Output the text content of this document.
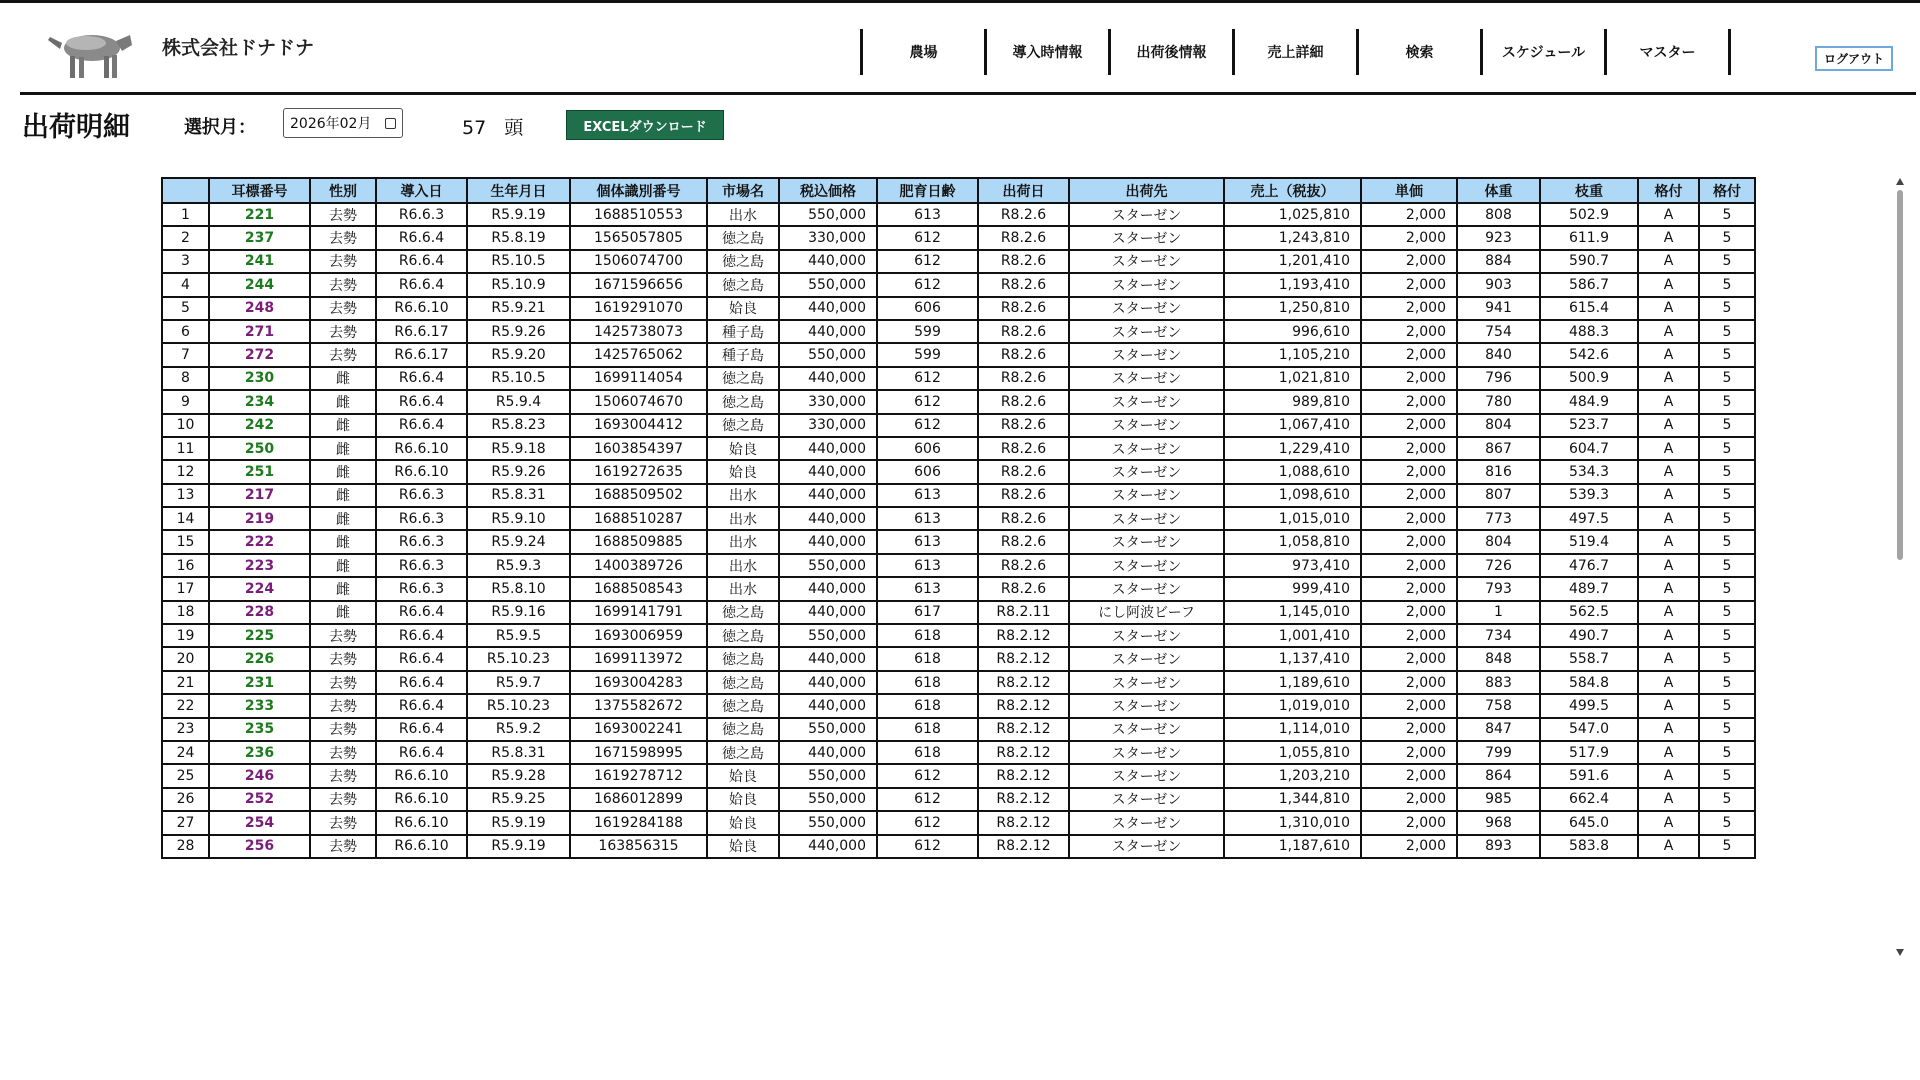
株式会社ドナドナ	農場	導入時情報	出荷後情報	売上詳細	検索	スケジュール	マスター	ログアウト
出荷明細	選択月： 2026年02月	57 頭	EXCELダウンロード
	耳標番号	性別	導入日	生年月日	個体識別番号	市場名	税込価格	肥育日齢	出荷日	出荷先	売上（税抜）	単価	体重	枝重	格付	格付
1	221	去勢	R6.6.3	R5.9.19	1688510553	出水	550,000	613	R8.2.6	スターゼン	1,025,810	2,000	808	502.9	A	5
2	237	去勢	R6.6.4	R5.8.19	1565057805	徳之島	330,000	612	R8.2.6	スターゼン	1,243,810	2,000	923	611.9	A	5
3	241	去勢	R6.6.4	R5.10.5	1506074700	徳之島	440,000	612	R8.2.6	スターゼン	1,201,410	2,000	884	590.7	A	5
4	244	去勢	R6.6.4	R5.10.9	1671596656	徳之島	550,000	612	R8.2.6	スターゼン	1,193,410	2,000	903	586.7	A	5
5	248	去勢	R6.6.10	R5.9.21	1619291070	姶良	440,000	606	R8.2.6	スターゼン	1,250,810	2,000	941	615.4	A	5
6	271	去勢	R6.6.17	R5.9.26	1425738073	種子島	440,000	599	R8.2.6	スターゼン	996,610	2,000	754	488.3	A	5
7	272	去勢	R6.6.17	R5.9.20	1425765062	種子島	550,000	599	R8.2.6	スターゼン	1,105,210	2,000	840	542.6	A	5
8	230	雌	R6.6.4	R5.10.5	1699114054	徳之島	440,000	612	R8.2.6	スターゼン	1,021,810	2,000	796	500.9	A	5
9	234	雌	R6.6.4	R5.9.4	1506074670	徳之島	330,000	612	R8.2.6	スターゼン	989,810	2,000	780	484.9	A	5
10	242	雌	R6.6.4	R5.8.23	1693004412	徳之島	330,000	612	R8.2.6	スターゼン	1,067,410	2,000	804	523.7	A	5
11	250	雌	R6.6.10	R5.9.18	1603854397	姶良	440,000	606	R8.2.6	スターゼン	1,229,410	2,000	867	604.7	A	5
12	251	雌	R6.6.10	R5.9.26	1619272635	姶良	440,000	606	R8.2.6	スターゼン	1,088,610	2,000	816	534.3	A	5
13	217	雌	R6.6.3	R5.8.31	1688509502	出水	440,000	613	R8.2.6	スターゼン	1,098,610	2,000	807	539.3	A	5
14	219	雌	R6.6.3	R5.9.10	1688510287	出水	440,000	613	R8.2.6	スターゼン	1,015,010	2,000	773	497.5	A	5
15	222	雌	R6.6.3	R5.9.24	1688509885	出水	440,000	613	R8.2.6	スターゼン	1,058,810	2,000	804	519.4	A	5
16	223	雌	R6.6.3	R5.9.3	1400389726	出水	550,000	613	R8.2.6	スターゼン	973,410	2,000	726	476.7	A	5
17	224	雌	R6.6.3	R5.8.10	1688508543	出水	440,000	613	R8.2.6	スターゼン	999,410	2,000	793	489.7	A	5
18	228	雌	R6.6.4	R5.9.16	1699141791	徳之島	440,000	617	R8.2.11	にし阿波ビーフ	1,145,010	2,000	1	562.5	A	5
19	225	去勢	R6.6.4	R5.9.5	1693006959	徳之島	550,000	618	R8.2.12	スターゼン	1,001,410	2,000	734	490.7	A	5
20	226	去勢	R6.6.4	R5.10.23	1699113972	徳之島	440,000	618	R8.2.12	スターゼン	1,137,410	2,000	848	558.7	A	5
21	231	去勢	R6.6.4	R5.9.7	1693004283	徳之島	440,000	618	R8.2.12	スターゼン	1,189,610	2,000	883	584.8	A	5
22	233	去勢	R6.6.4	R5.10.23	1375582672	徳之島	440,000	618	R8.2.12	スターゼン	1,019,010	2,000	758	499.5	A	5
23	235	去勢	R6.6.4	R5.9.2	1693002241	徳之島	550,000	618	R8.2.12	スターゼン	1,114,010	2,000	847	547.0	A	5
24	236	去勢	R6.6.4	R5.8.31	1671598995	徳之島	440,000	618	R8.2.12	スターゼン	1,055,810	2,000	799	517.9	A	5
25	246	去勢	R6.6.10	R5.9.28	1619278712	姶良	550,000	612	R8.2.12	スターゼン	1,203,210	2,000	864	591.6	A	5
26	252	去勢	R6.6.10	R5.9.25	1686012899	姶良	550,000	612	R8.2.12	スターゼン	1,344,810	2,000	985	662.4	A	5
27	254	去勢	R6.6.10	R5.9.19	1619284188	姶良	550,000	612	R8.2.12	スターゼン	1,310,010	2,000	968	645.0	A	5
28	256	去勢	R6.6.10	R5.9.19	163856315	姶良	440,000	612	R8.2.12	スターゼン	1,187,610	2,000	893	583.8	A	5
